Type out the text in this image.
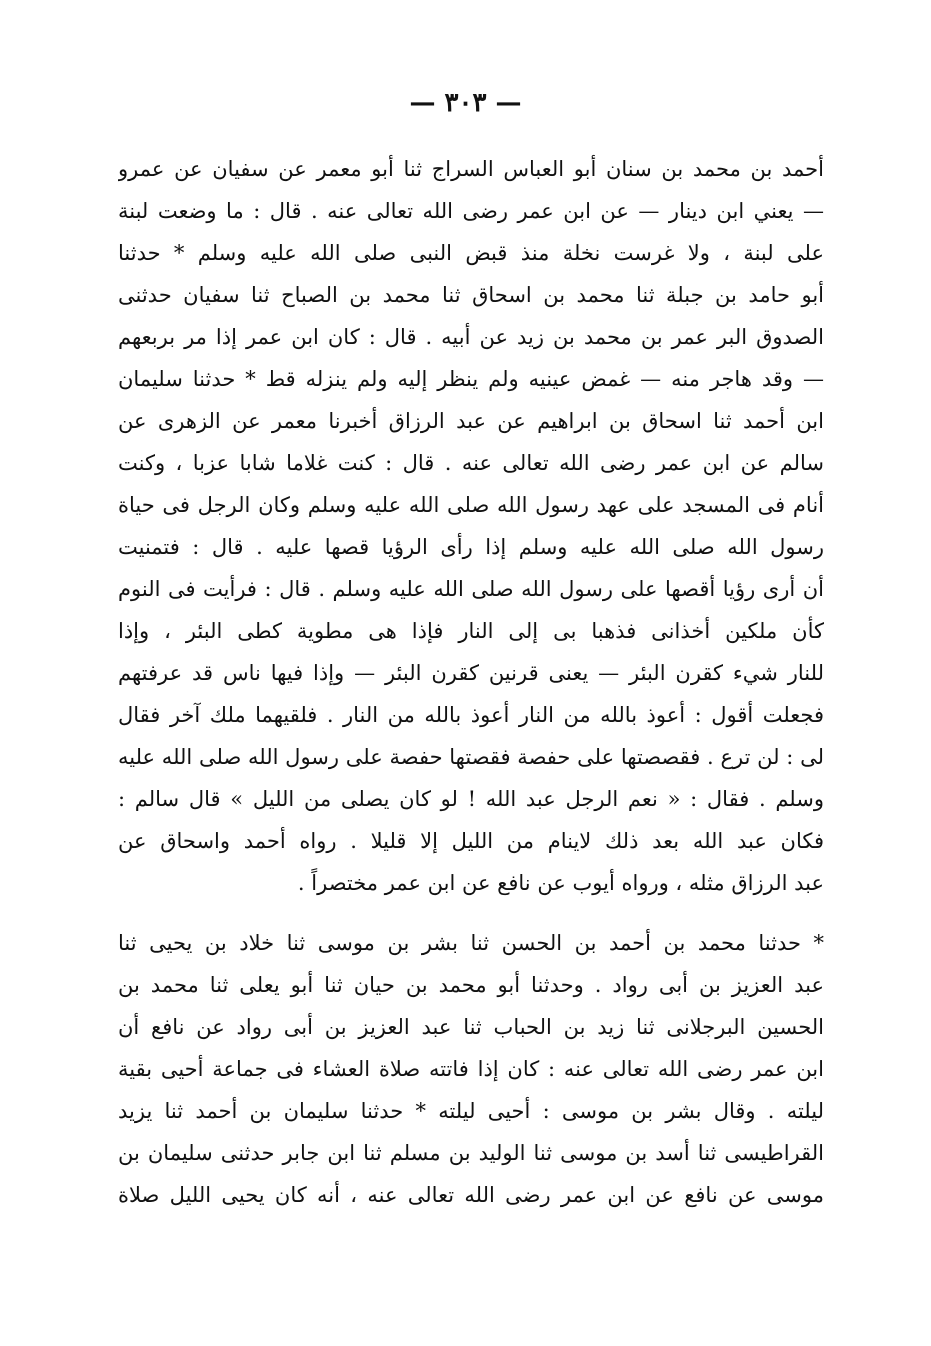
— ٣٠٣ —
أحمد بن محمد بن سنان أبو العباس السراج ثنا أبو معمر عن سفيان عن عمرو
— يعني ابن دينار — عن ابن عمر رضى الله تعالى عنه . قال : ما وضعت لبنة
على لبنة ، ولا غرست نخلة منذ قبض النبى صلى الله عليه وسلم * حدثنا
أبو حامد بن جبلة ثنا محمد بن اسحاق ثنا محمد بن الصباح ثنا سفيان حدثنى
الصدوق البر عمر بن محمد بن زيد عن أبيه . قال : كان ابن عمر إذا مر بربعهم
— وقد هاجر منه — غمض عينيه ولم ينظر إليه ولم ينزله قط * حدثنا سليمان
ابن أحمد ثنا اسحاق بن ابراهيم عن عبد الرزاق أخبرنا معمر عن الزهرى عن
سالم عن ابن عمر رضى الله تعالى عنه . قال : كنت غلاما شابا عزبا ، وكنت
أنام فى المسجد على عهد رسول الله صلى الله عليه وسلم وكان الرجل فى حياة
رسول الله صلى الله عليه وسلم إذا رأى الرؤيا قصها عليه . قال : فتمنيت
أن أرى رؤيا أقصها على رسول الله صلى الله عليه وسلم . قال : فرأيت فى النوم
كأن ملكين أخذانى فذهبا بى إلى النار فإذا هى مطوية كطى البئر ، وإذا
للنار شيء كقرن البئر — يعنى قرنين كقرن البئر — وإذا فيها ناس قد عرفتهم
فجعلت أقول : أعوذ بالله من النار أعوذ بالله من النار . فلقيهما ملك آخر فقال
لى : لن ترع . فقصصتها على حفصة فقصتها حفصة على رسول الله صلى الله عليه
وسلم . فقال : « نعم الرجل عبد الله ! لو كان يصلى من الليل » قال سالم :
فكان عبد الله بعد ذلك لاينام من الليل إلا قليلا . رواه أحمد واسحاق عن
عبد الرزاق مثله ، ورواه أيوب عن نافع عن ابن عمر مختصراً .
* حدثنا محمد بن أحمد بن الحسن ثنا بشر بن موسى ثنا خلاد بن يحيى ثنا
عبد العزيز بن أبى رواد . وحدثنا أبو محمد بن حيان ثنا أبو يعلى ثنا محمد بن
الحسين البرجلانى ثنا زيد بن الحباب ثنا عبد العزيز بن أبى رواد عن نافع أن
ابن عمر رضى الله تعالى عنه : كان إذا فاتته صلاة العشاء فى جماعة أحيى بقية
ليلته . وقال بشر بن موسى : أحيى ليلته * حدثنا سليمان بن أحمد ثنا يزيد
القراطيسى ثنا أسد بن موسى ثنا الوليد بن مسلم ثنا ابن جابر حدثنى سليمان بن
موسى عن نافع عن ابن عمر رضى الله تعالى عنه ، أنه كان يحيى الليل صلاة
